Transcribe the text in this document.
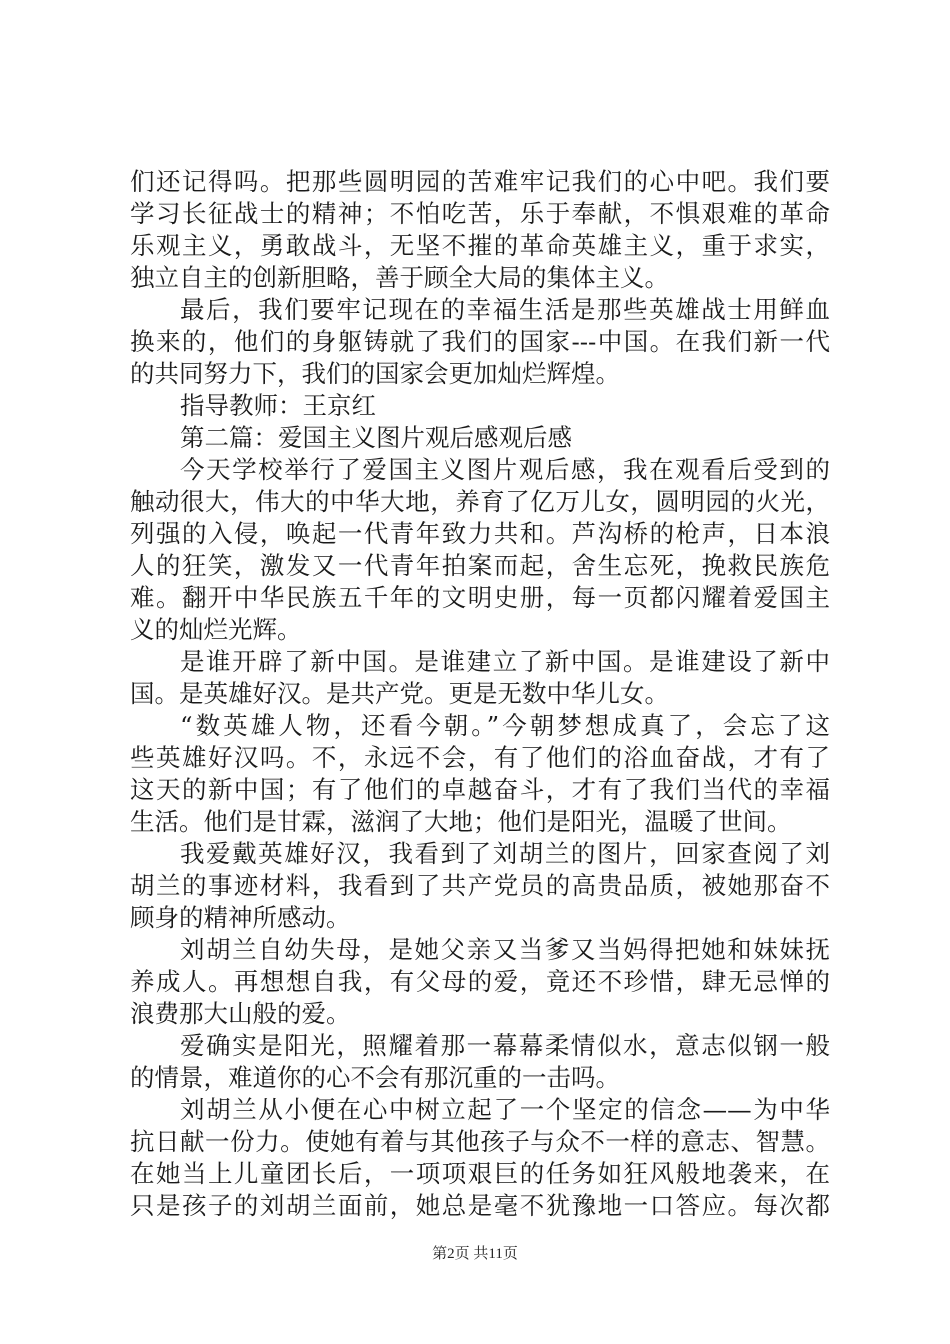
们还记得吗。把那些圆明园的苦难牢记我们的心中吧。我们要
学习长征战士的精神；不怕吃苦，乐于奉献，不惧艰难的革命
乐观主义，勇敢战斗，无坚不摧的革命英雄主义，重于求实，
独立自主的创新胆略，善于顾全大局的集体主义。
最后，我们要牢记现在的幸福生活是那些英雄战士用鲜血
换来的，他们的身躯铸就了我们的国家---中国。在我们新一代
的共同努力下，我们的国家会更加灿烂辉煌。
指导教师：王京红
第二篇：爱国主义图片观后感观后感
今天学校举行了爱国主义图片观后感，我在观看后受到的
触动很大，伟大的中华大地，养育了亿万儿女，圆明园的火光，
列强的入侵，唤起一代青年致力共和。芦沟桥的枪声，日本浪
人的狂笑，激发又一代青年拍案而起，舍生忘死，挽救民族危
难。翻开中华民族五千年的文明史册，每一页都闪耀着爱国主
义的灿烂光辉。
是谁开辟了新中国。是谁建立了新中国。是谁建设了新中
国。是英雄好汉。是共产党。更是无数中华儿女。
“数英雄人物，还看今朝。”今朝梦想成真了，会忘了这
些英雄好汉吗。不，永远不会，有了他们的浴血奋战，才有了
这天的新中国；有了他们的卓越奋斗，才有了我们当代的幸福
生活。他们是甘霖，滋润了大地；他们是阳光，温暖了世间。
我爱戴英雄好汉，我看到了刘胡兰的图片，回家查阅了刘
胡兰的事迹材料，我看到了共产党员的高贵品质，被她那奋不
顾身的精神所感动。
刘胡兰自幼失母，是她父亲又当爹又当妈得把她和妹妹抚
养成人。再想想自我，有父母的爱，竟还不珍惜，肆无忌惮的
浪费那大山般的爱。
爱确实是阳光，照耀着那一幕幕柔情似水，意志似钢一般
的情景，难道你的心不会有那沉重的一击吗。
刘胡兰从小便在心中树立起了一个坚定的信念——为中华
抗日献一份力。使她有着与其他孩子与众不一样的意志、智慧。
在她当上儿童团长后，一项项艰巨的任务如狂风般地袭来，在
只是孩子的刘胡兰面前，她总是毫不犹豫地一口答应。每次都
第2页 共11页
